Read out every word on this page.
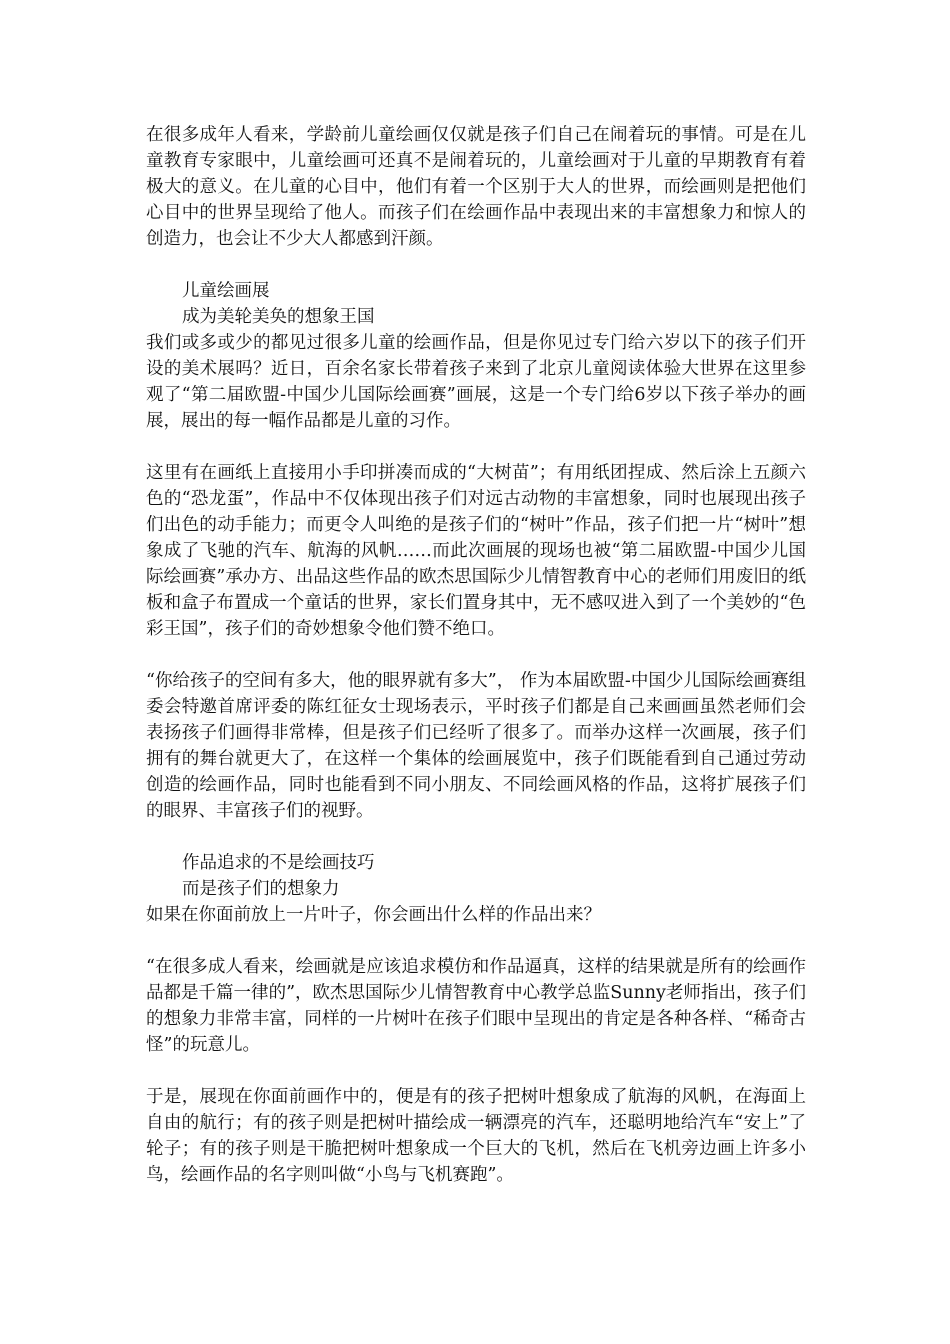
在很多成年人看来，学龄前儿童绘画仅仅就是孩子们自己在闹着玩的事情。可是在儿童教育专家眼中，儿童绘画可还真不是闹着玩的，儿童绘画对于儿童的早期教育有着极大的意义。在儿童的心目中，他们有着一个区别于大人的世界，而绘画则是把他们心目中的世界呈现给了他人。而孩子们在绘画作品中表现出来的丰富想象力和惊人的创造力，也会让不少大人都感到汗颜。

儿童绘画展

成为美轮美奂的想象王国

我们或多或少的都见过很多儿童的绘画作品，但是你见过专门给六岁以下的孩子们开设的美术展吗？近日，百余名家长带着孩子来到了北京儿童阅读体验大世界在这里参观了“第二届欧盟-中国少儿国际绘画赛”画展，这是一个专门给6岁以下孩子举办的画展，展出的每一幅作品都是儿童的习作。

这里有在画纸上直接用小手印拼凑而成的“大树苗”；有用纸团捏成、然后涂上五颜六色的“恐龙蛋”，作品中不仅体现出孩子们对远古动物的丰富想象，同时也展现出孩子们出色的动手能力；而更令人叫绝的是孩子们的“树叶”作品，孩子们把一片“树叶”想象成了飞驰的汽车、航海的风帆……而此次画展的现场也被“第二届欧盟-中国少儿国际绘画赛”承办方、出品这些作品的欧杰思国际少儿情智教育中心的老师们用废旧的纸板和盒子布置成一个童话的世界，家长们置身其中，无不感叹进入到了一个美妙的“色彩王国”，孩子们的奇妙想象令他们赞不绝口。

“你给孩子的空间有多大，他的眼界就有多大”， 作为本届欧盟-中国少儿国际绘画赛组委会特邀首席评委的陈红征女士现场表示，平时孩子们都是自己来画画虽然老师们会表扬孩子们画得非常棒，但是孩子们已经听了很多了。而举办这样一次画展，孩子们拥有的舞台就更大了，在这样一个集体的绘画展览中，孩子们既能看到自己通过劳动创造的绘画作品，同时也能看到不同小朋友、不同绘画风格的作品，这将扩展孩子们的眼界、丰富孩子们的视野。

作品追求的不是绘画技巧

而是孩子们的想象力

如果在你面前放上一片叶子，你会画出什么样的作品出来？

“在很多成人看来，绘画就是应该追求模仿和作品逼真，这样的结果就是所有的绘画作品都是千篇一律的”，欧杰思国际少儿情智教育中心教学总监Sunny老师指出，孩子们的想象力非常丰富，同样的一片树叶在孩子们眼中呈现出的肯定是各种各样、“稀奇古怪”的玩意儿。

于是，展现在你面前画作中的，便是有的孩子把树叶想象成了航海的风帆，在海面上自由的航行；有的孩子则是把树叶描绘成一辆漂亮的汽车，还聪明地给汽车“安上”了轮子；有的孩子则是干脆把树叶想象成一个巨大的飞机，然后在飞机旁边画上许多小鸟，绘画作品的名字则叫做“小鸟与飞机赛跑”。
